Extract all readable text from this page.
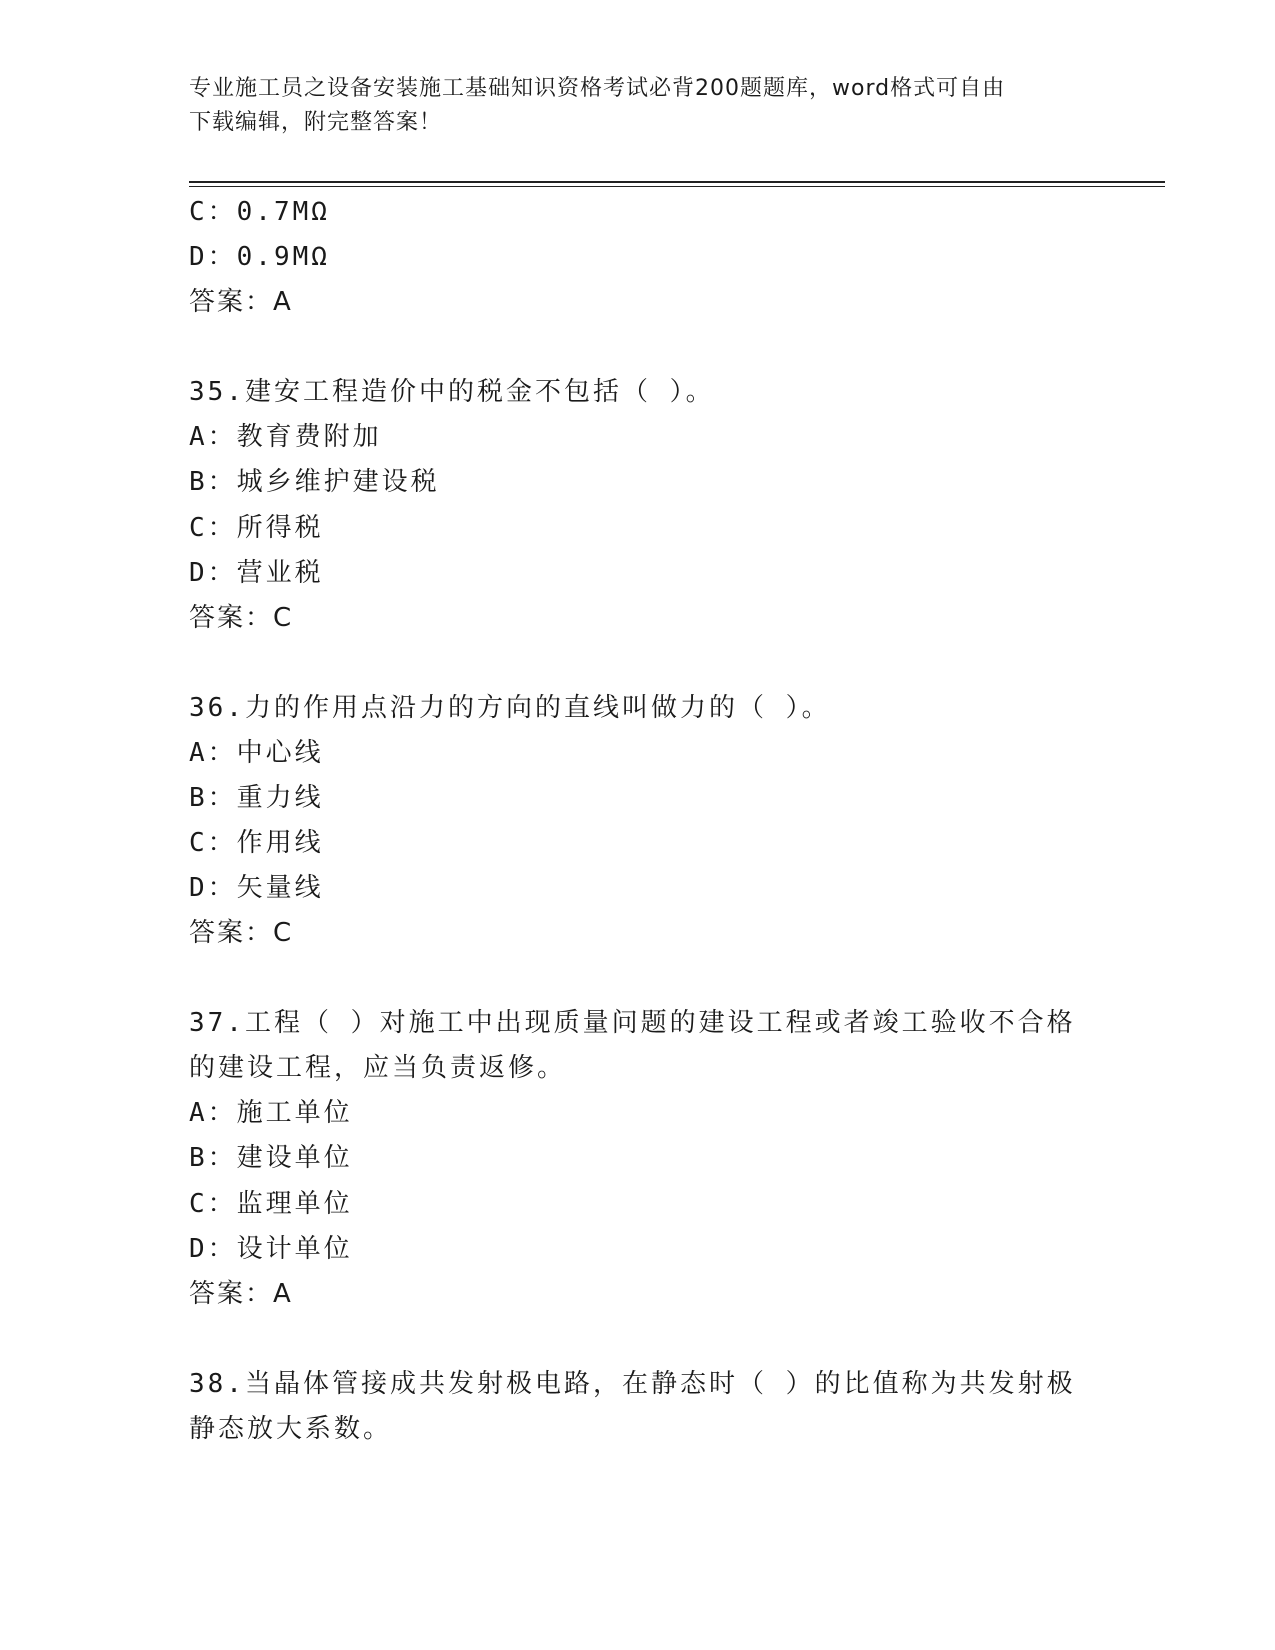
专业施工员之设备安装施工基础知识资格考试必背200题题库，word格式可自由
下载编辑，附完整答案！
C：0.7MΩ
D：0.9MΩ
答案：A
35.建安工程造价中的税金不包括（ ）。
A：教育费附加
B：城乡维护建设税
C：所得税
D：营业税
答案：C
36.力的作用点沿力的方向的直线叫做力的（ ）。
A：中心线
B：重力线
C：作用线
D：矢量线
答案：C
37.工程（ ）对施工中出现质量问题的建设工程或者竣工验收不合格
的建设工程，应当负责返修。
A：施工单位
B：建设单位
C：监理单位
D：设计单位
答案：A
38.当晶体管接成共发射极电路，在静态时（ ）的比值称为共发射极
静态放大系数。
